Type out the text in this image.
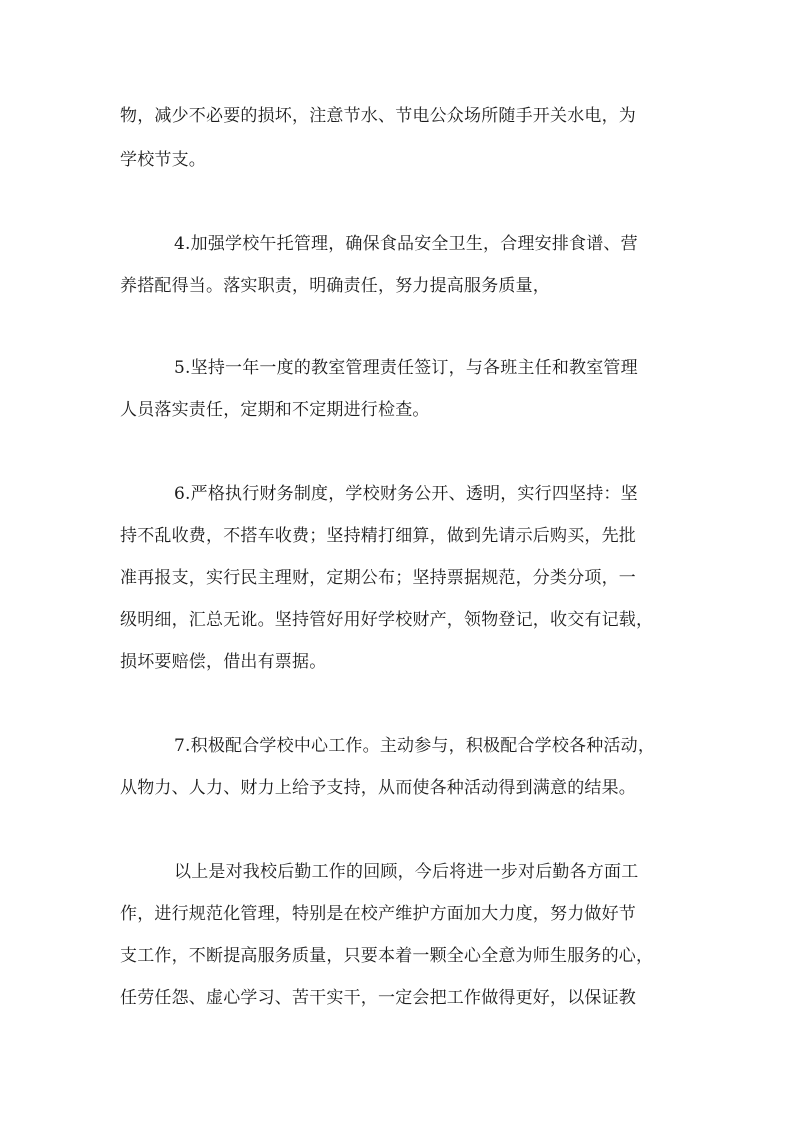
物，减少不必要的损坏，注意节水、节电公众场所随手开关水电，为
学校节支。
4.加强学校午托管理，确保食品安全卫生，合理安排食谱、营
养搭配得当。落实职责，明确责任，努力提高服务质量，
5.坚持一年一度的教室管理责任签订，与各班主任和教室管理
人员落实责任，定期和不定期进行检查。
6.严格执行财务制度，学校财务公开、透明，实行四坚持：坚
持不乱收费，不搭车收费；坚持精打细算，做到先请示后购买，先批
准再报支，实行民主理财，定期公布；坚持票据规范，分类分项，一
级明细，汇总无讹。坚持管好用好学校财产，领物登记，收交有记载，
损坏要赔偿，借出有票据。
7.积极配合学校中心工作。主动参与，积极配合学校各种活动，
从物力、人力、财力上给予支持，从而使各种活动得到满意的结果。
以上是对我校后勤工作的回顾，今后将进一步对后勤各方面工
作，进行规范化管理，特别是在校产维护方面加大力度，努力做好节
支工作，不断提高服务质量，只要本着一颗全心全意为师生服务的心，
任劳任怨、虚心学习、苦干实干，一定会把工作做得更好，以保证教
